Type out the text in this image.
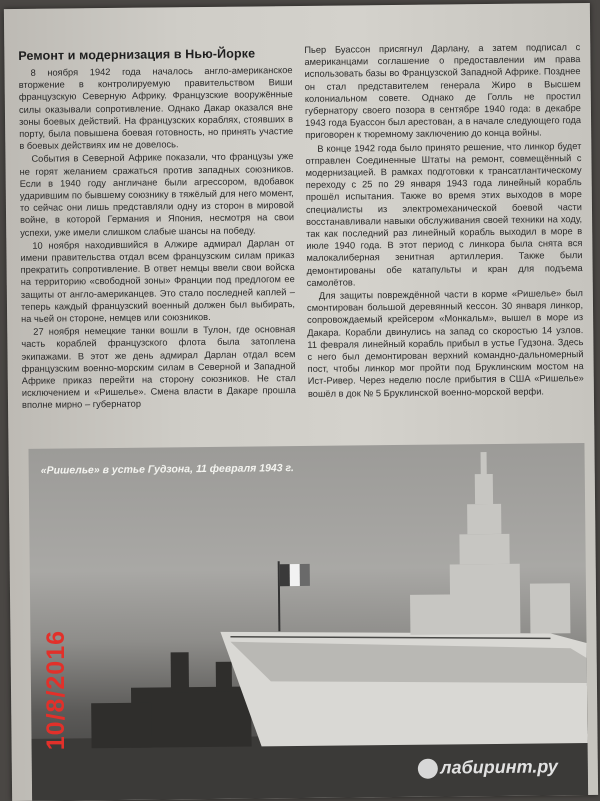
Ремонт и модернизация в Нью-Йорке

8 ноября 1942 года началось англо-американское вторжение в контролируемую правительством Виши французскую Северную Африку. Французские вооружённые силы оказывали сопротивление. Однако Дакар оказался вне зоны боевых действий. На французских кораблях, стоявших в порту, была повышена боевая готовность, но принять участие в боевых действиях им не довелось.

События в Северной Африке показали, что французы уже не горят желанием сражаться против западных союзников. Если в 1940 году англичане были агрессором, вдобавок ударившим по бывшему союзнику в тяжёлый для него момент, то сейчас они лишь представляли одну из сторон в мировой войне, в которой Германия и Япония, несмотря на свои успехи, уже имели слишком слабые шансы на победу.

10 ноября находившийся в Алжире адмирал Дарлан от имени правительства отдал всем французским силам приказ прекратить сопротивление. В ответ немцы ввели свои войска на территорию «свободной зоны» Франции под предлогом ее защиты от англо-американцев. Это стало последней каплей – теперь каждый французский военный должен был выбирать, на чьей он стороне, немцев или союзников.

27 ноября немецкие танки вошли в Тулон, где основная часть кораблей французского флота была затоплена экипажами. В этот же день адмирал Дарлан отдал всем французским военно-морским силам в Северной и Западной Африке приказ перейти на сторону союзников. Не стал исключением и «Ришелье». Смена власти в Дакаре прошла вполне мирно – губернатор

Пьер Буассон присягнул Дарлану, а затем подписал с американцами соглашение о предоставлении им права использовать базы во Французской Западной Африке. Позднее он стал представителем генерала Жиро в Высшем колониальном совете. Однако де Голль не простил губернатору своего позора в сентябре 1940 года: в декабре 1943 года Буассон был арестован, а в начале следующего года приговорен к тюремному заключению до конца войны.

В конце 1942 года было принято решение, что линкор будет отправлен Соединенные Штаты на ремонт, совмещённый с модернизацией. В рамках подготовки к трансатлантическому переходу с 25 по 29 января 1943 года линейный корабль прошёл испытания. Также во время этих выходов в море специалисты из электромеханической боевой части восстанавливали навыки обслуживания своей техники на ходу, так как последний раз линейный корабль выходил в море в июле 1940 года. В этот период с линкора была снята вся малокалиберная зенитная артиллерия. Также были демонтированы обе катапульты и кран для подъема самолётов.

Для защиты повреждённой части в корме «Ришелье» был смонтирован большой деревянный кессон. 30 января линкор, сопровождаемый крейсером «Монкальм», вышел в море из Дакара. Корабли двинулись на запад со скоростью 14 узлов. 11 февраля линейный корабль прибыл в устье Гудзона. Здесь с него был демонтирован верхний командно-дальномерный пост, чтобы линкор мог пройти под Бруклинским мостом на Ист-Ривер. Через неделю после прибытия в США «Ришелье» вошёл в док № 5 Бруклинской военно-морской верфи.

«Ришелье» в устье Гудзона, 11 февраля 1943 г.
лабиринт.ру
10/8/2016
